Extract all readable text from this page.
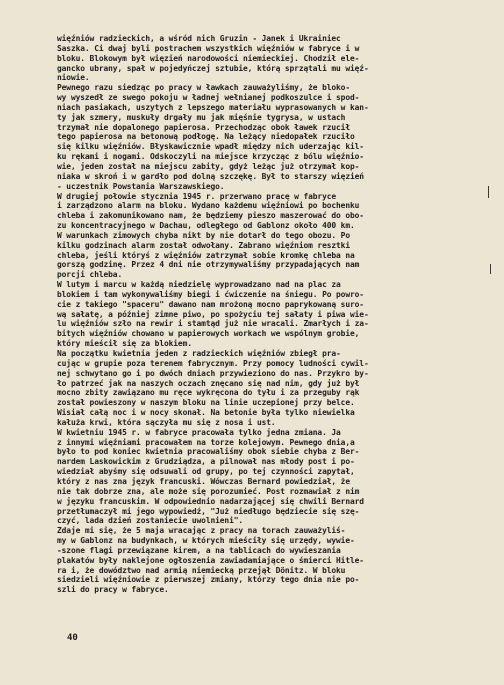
więźniów radzieckich, a wśród nich Gruzin - Janek i Ukrainiec
Saszka. Ci dwaj byli postrachem wszystkich więźniów w fabryce i w
bloku. Blokowym był więzień narodowości niemieckiej. Chodził ele-
gancko ubrany, spał w pojedyńczej sztubie, którą sprzątali mu więź-
niowie.
Pewnego razu siedząc po pracy w ławkach zauważyliśmy, że bloko-
wy wyszedł ze swego pokoju w ładnej wełnianej podkoszulce i spod-
niach pasiakach, uszytych z lepszego materiału wyprasowanych w kan-
ty jak szmery, muskuły drgały mu jak mięśnie tygrysa, w ustach
trzymał nie dopalonego papierosa. Przechodząc obok ławek rzucił
tego papierosa na betonową podłogę. Na leżący niedopałek rzuciło
się kilku więźniów. Błyskawicznie wpadł między nich uderzając kil-
ku rękami i nogami. Odskoczyli na miejsce krzycząc z bólu więźnio-
wie, jeden został na miejscu zabity, gdyż leżąc już otrzymał kop-
niaka w skroń i w gardło pod dolną szczękę. Był to starszy więzień
- uczestnik Powstania Warszawskiego.
W drugiej połowie stycznia 1945 r. przerwano pracę w fabryce
i zarządzono alarm na bloku. Wydano każdemu więźniowi po bochenku
chleba i zakomunikowano nam, że będziemy pieszo maszerować do obo-
zu koncentracyjnego w Dachau, odległego od Gablonz około 400 km.
W warunkach zimowych chyba nikt by nie dotarł do tego obozu. Po
kilku godzinach alarm został odwołany. Zabrano więźniom resztki
chleba, jeśli któryś z więźniów zatrzymał sobie kromkę chleba na
gorszą godzinę. Przez 4 dni nie otrzymywaliśmy przypadających nam
porcji chleba.
W lutym i marcu w każdą niedzielę wyprowadzano nad na plac za
blokiem i tam wykonywaliśmy biegi i ćwiczenie na śniegu. Po powro-
cie z takiego "spaceru" dawano nam mrożoną mocno paprykowaną suro-
wą sałatę, a później zimne piwo, po spożyciu tej sałaty i piwa wie-
lu więźniów szło na rewir i stamtąd już nie wracali. Zmarłych i za-
bitych więźniów chowano w papierowych workach we wspólnym grobie,
który mieścił się za blokiem.
Na początku kwietnia jeden z radzieckich więźniów zbiegł pra-
cując w grupie poza terenem fabrycznym. Przy pomocy ludności cywil-
nej schwytano go i po dwóch dniach przywieziono do nas. Przykro by-
ło patrzeć jak na naszych oczach znęcano się nad nim, gdy już był
mocno zbity zawiązano mu ręce wykręcona do tyłu i za przeguby rąk
został powieszony w naszym bloku na linie uczepionej przy belce.
Wisiał całą noc i w nocy skonał. Na betonie była tylko niewielka
kałuża krwi, która sączyła mu się z nosa i ust.
W kwietniu 1945 r. w fabryce pracowała tylko jedna zmiana. Ja
z innymi więźniami pracowałem na torze kolejowym. Pewnego dnia,a
było to pod koniec kwietnia pracowaliśmy obok siebie chyba z Ber-
nardem Laskowickim z Grudziądza, a pilnował nas młody post i po-
wiedział abyśmy się odsuwali od grupy, po tej czynności zapytał,
który z nas zna język francuski. Wówczas Bernard powiedział, że
nie tak dobrze zna, ale może się porozumieć. Post rozmawiał z nim
w języku francuskim. W odpowiednio nadarzającej się chwili Bernard
przetłumaczył mi jego wypowiedź, "Już niedługo będziecie się szę-
czyć, lada dzień zostaniecie uwolnieni".
Zdaje mi się, że 5 maja wracając z pracy na torach zauważyliś-
my w Gablonz na budynkach, w których mieściły się urzędy, wywie-
-szone flagi przewiązane kirem, a na tablicach do wywieszania
plakatów były naklejone ogłoszenia zawiadamiające o śmierci Hitle-
ra i, że dowództwo nad armią niemiecką przejął Dönitz. W bloku
siedzieli więźniowie z pierwszej zmiany, którzy tego dnia nie po-
szli do pracy w fabryce.
40
